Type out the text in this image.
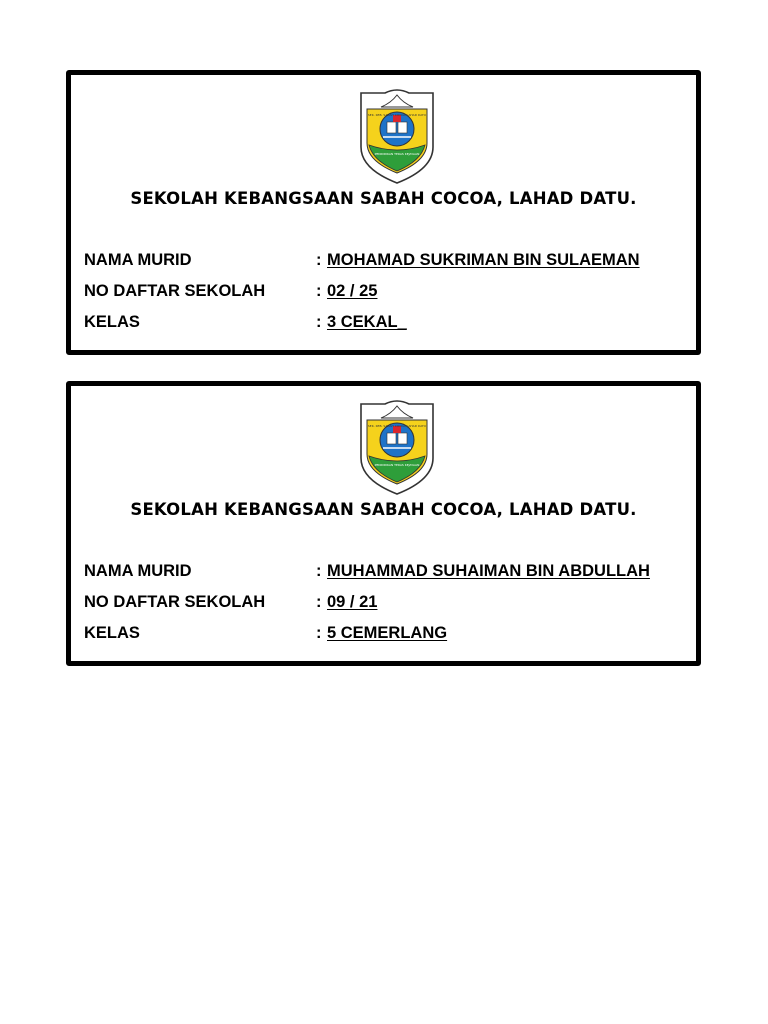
SEK. KEB. SABAH COCOA LAHAD DATU
PENDIDIKAN TERAS KEJAYAAN
SEKOLAH KEBANGSAAN SABAH COCOA, LAHAD DATU.
NAMA MURID	: MOHAMAD SUKRIMAN BIN SULAEMAN
NO DAFTAR SEKOLAH	: 02 / 25
KELAS	: 3 CEKAL_
SEK. KEB. SABAH COCOA LAHAD DATU
PENDIDIKAN TERAS KEJAYAAN
SEKOLAH KEBANGSAAN SABAH COCOA, LAHAD DATU.
NAMA MURID	: MUHAMMAD SUHAIMAN BIN ABDULLAH
NO DAFTAR SEKOLAH	: 09 / 21
KELAS	: 5 CEMERLANG
